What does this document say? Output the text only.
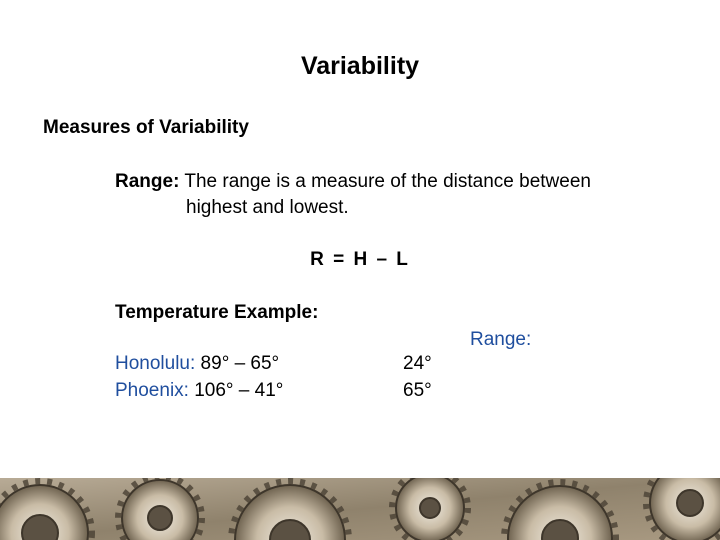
Variability
Measures of Variability
Range: The range is a measure of the distance between
highest and lowest.
R = H – L
Temperature Example:
Range:
Honolulu: 89° – 65°	24°
Phoenix: 106° – 41°	65°
